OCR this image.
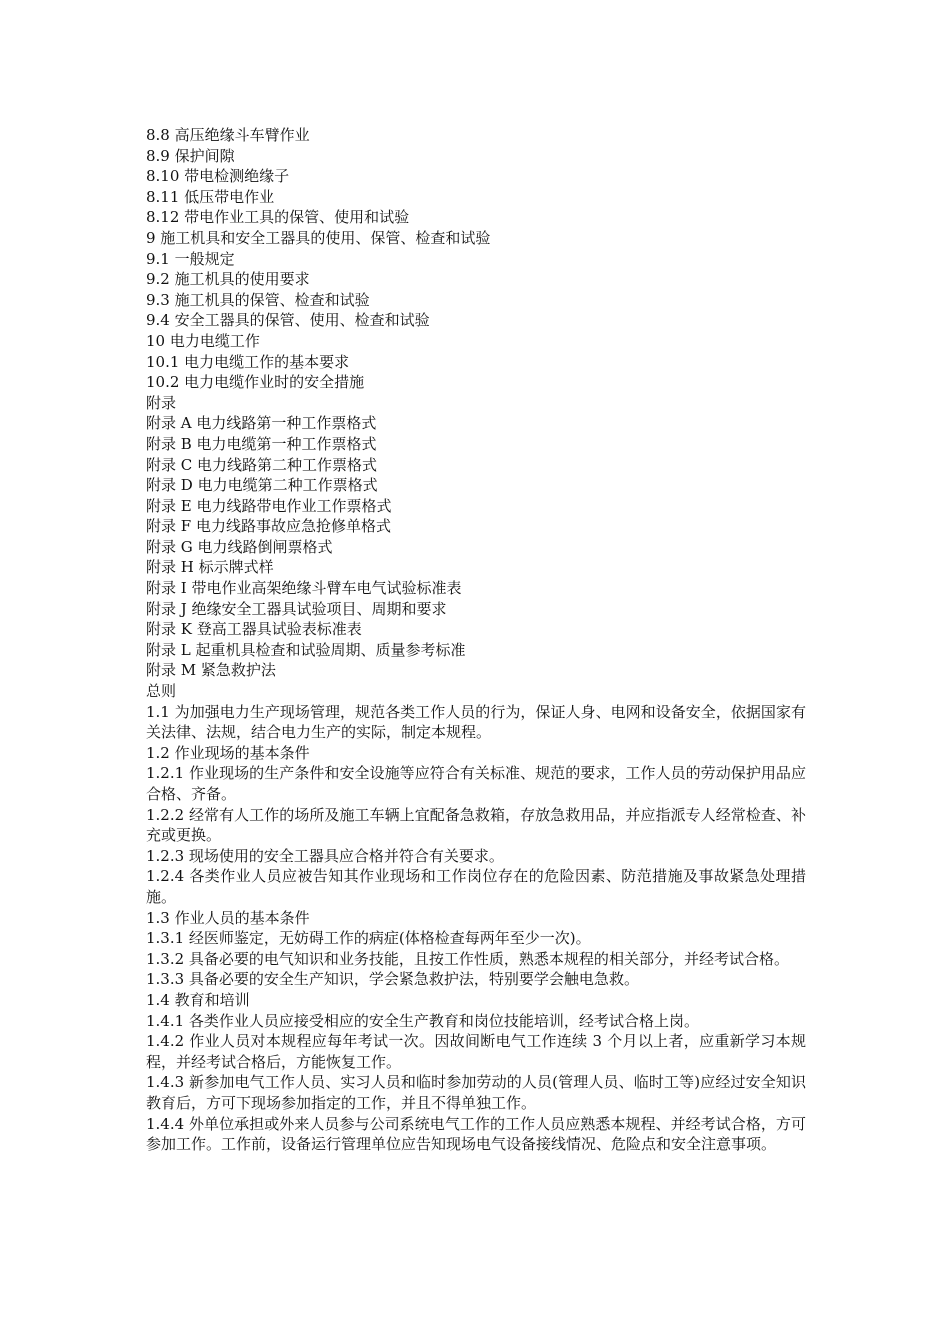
8.8 高压绝缘斗车臂作业
8.9 保护间隙
8.10 带电检测绝缘子
8.11 低压带电作业
8.12 带电作业工具的保管、使用和试验
9 施工机具和安全工器具的使用、保管、检查和试验
9.1 一般规定
9.2 施工机具的使用要求
9.3 施工机具的保管、检查和试验
9.4 安全工器具的保管、使用、检查和试验
10 电力电缆工作
10.1 电力电缆工作的基本要求
10.2 电力电缆作业时的安全措施
附录
附录 A 电力线路第一种工作票格式
附录 B 电力电缆第一种工作票格式
附录 C 电力线路第二种工作票格式
附录 D 电力电缆第二种工作票格式
附录 E 电力线路带电作业工作票格式
附录 F 电力线路事故应急抢修单格式
附录 G 电力线路倒闸票格式
附录 H 标示牌式样
附录 I 带电作业高架绝缘斗臂车电气试验标准表
附录 J 绝缘安全工器具试验项目、周期和要求
附录 K 登高工器具试验表标准表
附录 L 起重机具检查和试验周期、质量参考标准
附录 M 紧急救护法
总则
1.1 为加强电力生产现场管理，规范各类工作人员的行为，保证人身、电网和设备安全，依据国家有关法律、法规，结合电力生产的实际，制定本规程。
1.2 作业现场的基本条件
1.2.1 作业现场的生产条件和安全设施等应符合有关标准、规范的要求，工作人员的劳动保护用品应合格、齐备。
1.2.2 经常有人工作的场所及施工车辆上宜配备急救箱，存放急救用品，并应指派专人经常检查、补充或更换。
1.2.3 现场使用的安全工器具应合格并符合有关要求。
1.2.4 各类作业人员应被告知其作业现场和工作岗位存在的危险因素、防范措施及事故紧急处理措施。
1.3 作业人员的基本条件
1.3.1 经医师鉴定，无妨碍工作的病症(体格检查每两年至少一次)。
1.3.2 具备必要的电气知识和业务技能，且按工作性质，熟悉本规程的相关部分，并经考试合格。
1.3.3 具备必要的安全生产知识，学会紧急救护法，特别要学会触电急救。
1.4 教育和培训
1.4.1 各类作业人员应接受相应的安全生产教育和岗位技能培训，经考试合格上岗。
1.4.2 作业人员对本规程应每年考试一次。因故间断电气工作连续 3 个月以上者，应重新学习本规程，并经考试合格后，方能恢复工作。
1.4.3 新参加电气工作人员、实习人员和临时参加劳动的人员(管理人员、临时工等)应经过安全知识教育后，方可下现场参加指定的工作，并且不得单独工作。
1.4.4 外单位承担或外来人员参与公司系统电气工作的工作人员应熟悉本规程、并经考试合格，方可参加工作。工作前，设备运行管理单位应告知现场电气设备接线情况、危险点和安全注意事项。
